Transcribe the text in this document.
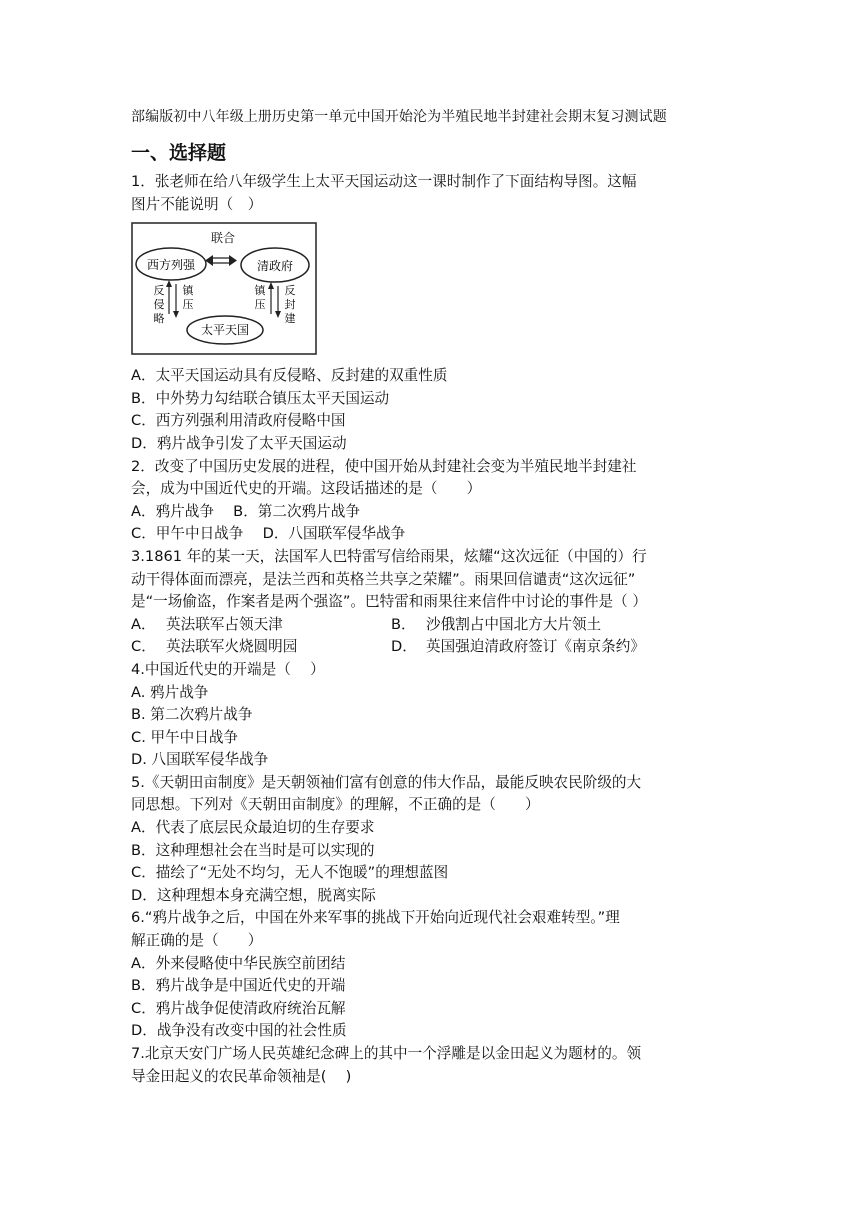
部编版初中八年级上册历史第一单元中国开始沦为半殖民地半封建社会期末复习测试题
一、选择题

1．张老师在给八年级学生上太平天国运动这一课时制作了下面结构导图。这幅

图片不能说明（　）

西方列强	清政府
太平天国
联合
反
侵
略
镇
压
镇
压
反
封
建

A．太平天国运动具有反侵略、反封建的双重性质

B．中外势力勾结联合镇压太平天国运动

C．西方列强利用清政府侵略中国

D．鸦片战争引发了太平天国运动

2．改变了中国历史发展的进程，使中国开始从封建社会变为半殖民地半封建社

会，成为中国近代史的开端。这段话描述的是（　　）

A．鸦片战争　 B．第二次鸦片战争

C．甲午中日战争　 D．八国联军侵华战争

3.1861 年的某一天，法国军人巴特雷写信给雨果，炫耀“这次远征（中国的）行

动干得体面而漂亮，是法兰西和英格兰共享之荣耀”。雨果回信谴责“这次远征”

是“一场偷盗，作案者是两个强盗”。巴特雷和雨果往来信件中讨论的事件是（ ）

A． 英法联军占领天津	B． 沙俄割占中国北方大片领土
C． 英法联军火烧圆明园	D． 英国强迫清政府签订《南京条约》

4.中国近代史的开端是（　 ）

A. 鸦片战争

B. 第二次鸦片战争

C. 甲午中日战争

D. 八国联军侵华战争

5.《天朝田亩制度》是天朝领袖们富有创意的伟大作品，最能反映农民阶级的大

同思想。下列对《天朝田亩制度》的理解，不正确的是（　　）

A．代表了底层民众最迫切的生存要求

B．这种理想社会在当时是可以实现的

C．描绘了“无处不均匀，无人不饱暖”的理想蓝图

D．这种理想本身充满空想，脱离实际

6.“鸦片战争之后，中国在外来军事的挑战下开始向近现代社会艰难转型。”理

解正确的是（　　）

A．外来侵略使中华民族空前团结

B．鸦片战争是中国近代史的开端

C．鸦片战争促使清政府统治瓦解

D．战争没有改变中国的社会性质

7.北京天安门广场人民英雄纪念碑上的其中一个浮雕是以金田起义为题材的。领

导金田起义的农民革命领袖是(　 )
